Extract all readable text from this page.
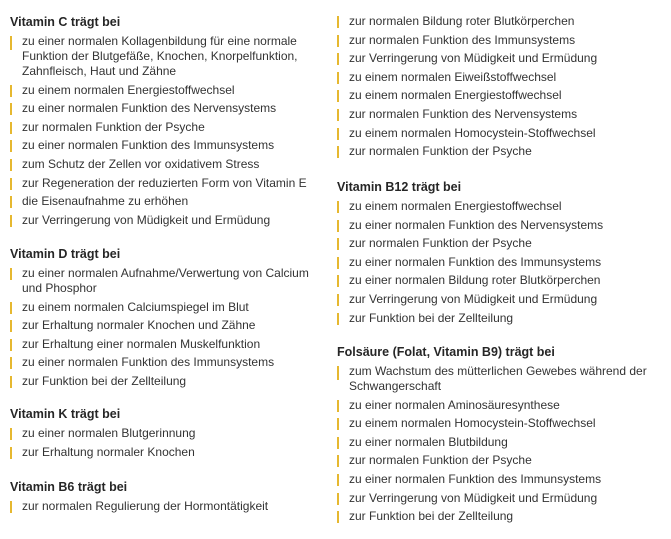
Vitamin C trägt bei
zu einer normalen Kollagenbildung für eine normale Funktion der Blutgefäße, Knochen, Knorpelfunktion, Zahnfleisch, Haut und Zähne
zu einem normalen Energiestoffwechsel
zu einer normalen Funktion des Nervensystems
zur normalen Funktion der Psyche
zu einer normalen Funktion des Immunsystems
zum Schutz der Zellen vor oxidativem Stress
zur Regeneration der reduzierten Form von Vitamin E
die Eisenaufnahme zu erhöhen
zur Verringerung von Müdigkeit und Ermüdung
Vitamin D trägt bei
zu einer normalen Aufnahme/Verwertung von Calcium und Phosphor
zu einem normalen Calciumspiegel im Blut
zur Erhaltung normaler Knochen und Zähne
zur Erhaltung einer normalen Muskelfunktion
zu einer normalen Funktion des Immunsystems
zur Funktion bei der Zellteilung
Vitamin K trägt bei
zu einer normalen Blutgerinnung
zur Erhaltung normaler Knochen
Vitamin B6 trägt bei
zur normalen Regulierung der Hormontätigkeit
zur normalen Bildung roter Blutkörperchen
zur normalen Funktion des Immunsystems
zur Verringerung von Müdigkeit und Ermüdung
zu einem normalen Eiweißstoffwechsel
zu einem normalen Energiestoffwechsel
zur normalen Funktion des Nervensystems
zu einem normalen Homocystein-Stoffwechsel
zur normalen Funktion der Psyche
Vitamin B12 trägt bei
zu einem normalen Energiestoffwechsel
zu einer normalen Funktion des Nervensystems
zur normalen Funktion der Psyche
zu einer normalen Funktion des Immunsystems
zu einer normalen Bildung roter Blutkörperchen
zur Verringerung von Müdigkeit und Ermüdung
zur Funktion bei der Zellteilung
Folsäure (Folat, Vitamin B9) trägt bei
zum Wachstum des mütterlichen Gewebes während der Schwangerschaft
zu einer normalen Aminosäuresynthese
zu einem normalen Homocystein-Stoffwechsel
zu einer normalen Blutbildung
zur normalen Funktion der Psyche
zu einer normalen Funktion des Immunsystems
zur Verringerung von Müdigkeit und Ermüdung
zur Funktion bei der Zellteilung
